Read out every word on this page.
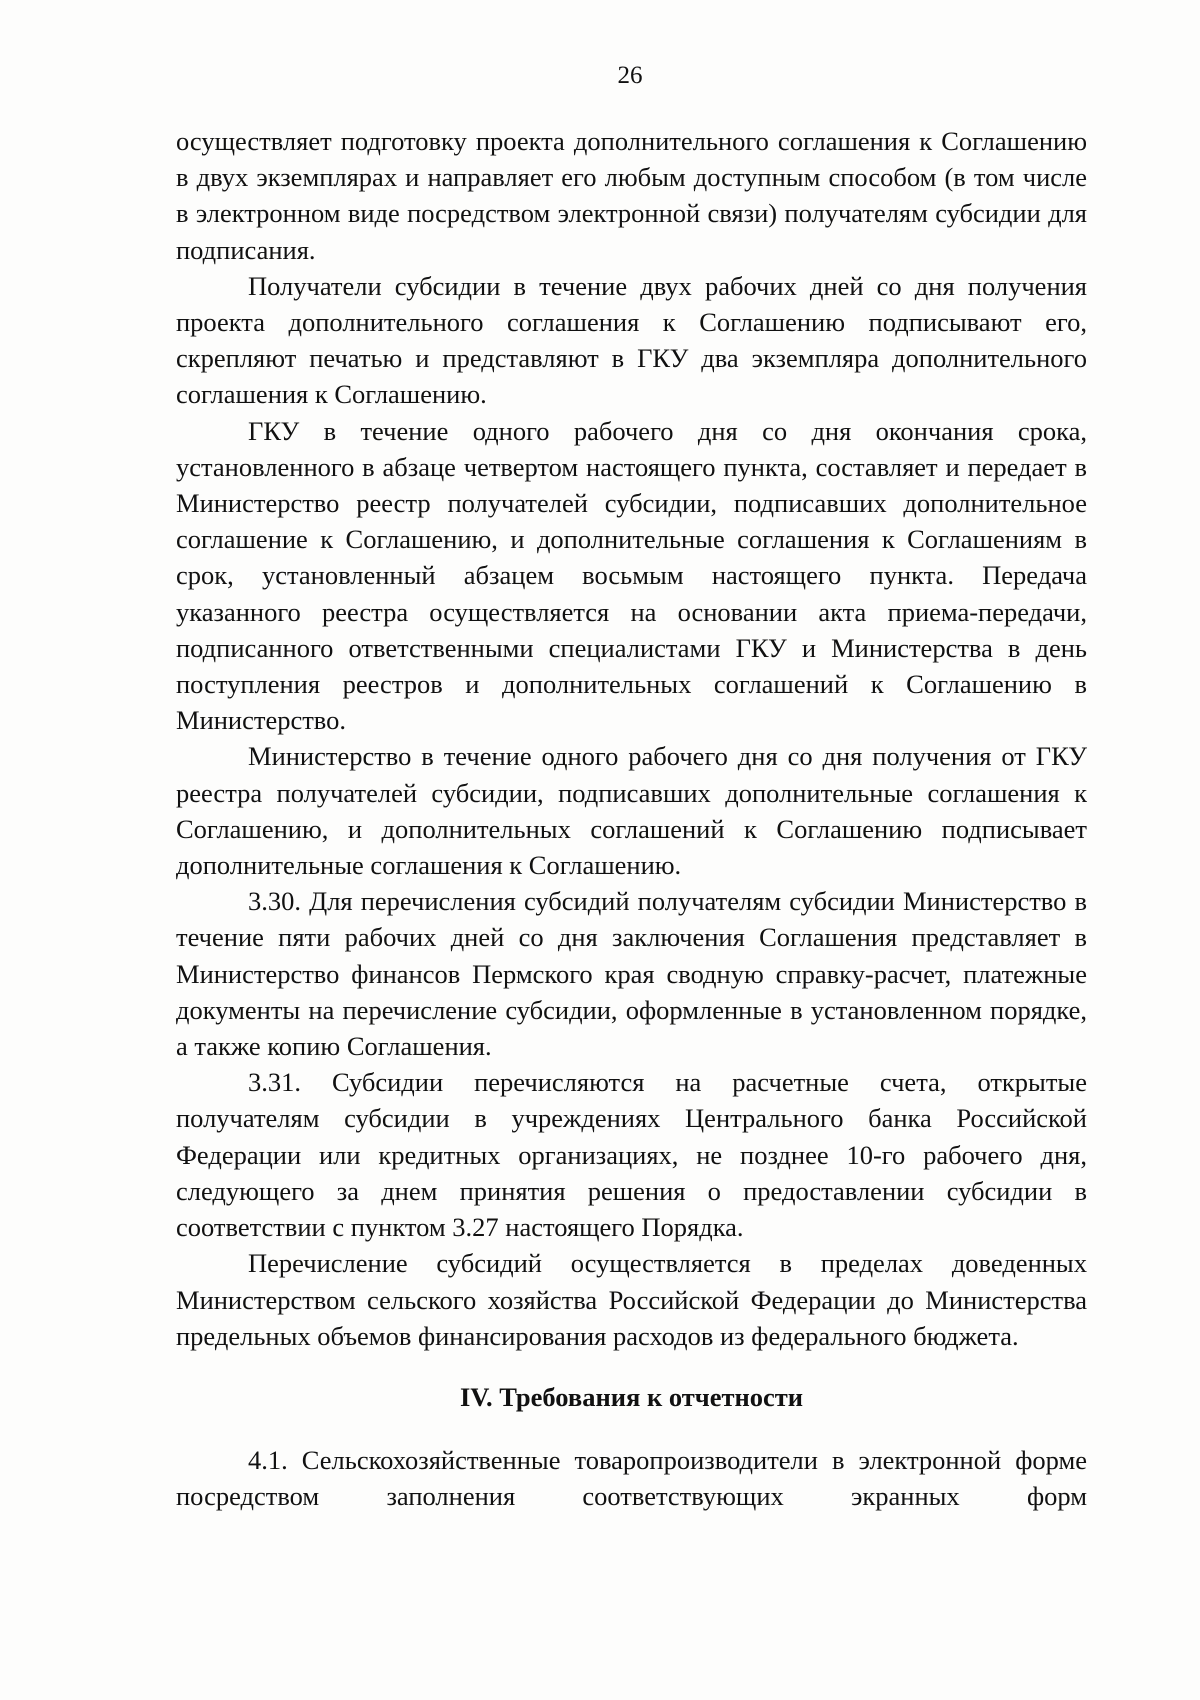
26

осуществляет подготовку проекта дополнительного соглашения к Соглашению в двух экземплярах и направляет его любым доступным способом (в том числе в электронном виде посредством электронной связи) получателям субсидии для подписания.

Получатели субсидии в течение двух рабочих дней со дня получения проекта дополнительного соглашения к Соглашению подписывают его, скрепляют печатью и представляют в ГКУ два экземпляра дополнительного соглашения к Соглашению.

ГКУ в течение одного рабочего дня со дня окончания срока, установленного в абзаце четвертом настоящего пункта, составляет и передает в Министерство реестр получателей субсидии, подписавших дополнительное соглашение к Соглашению, и дополнительные соглашения к Соглашениям в срок, установленный абзацем восьмым настоящего пункта. Передача указанного реестра осуществляется на основании акта приема-передачи, подписанного ответственными специалистами ГКУ и Министерства в день поступления реестров и дополнительных соглашений к Соглашению в Министерство.

Министерство в течение одного рабочего дня со дня получения от ГКУ реестра получателей субсидии, подписавших дополнительные соглашения к Соглашению, и дополнительных соглашений к Соглашению подписывает дополнительные соглашения к Соглашению.

3.30. Для перечисления субсидий получателям субсидии Министерство в течение пяти рабочих дней со дня заключения Соглашения представляет в Министерство финансов Пермского края сводную справку-расчет, платежные документы на перечисление субсидии, оформленные в установленном порядке, а также копию Соглашения.

3.31. Субсидии перечисляются на расчетные счета, открытые получателям субсидии в учреждениях Центрального банка Российской Федерации или кредитных организациях, не позднее 10-го рабочего дня, следующего за днем принятия решения о предоставлении субсидии в соответствии с пунктом 3.27 настоящего Порядка.

Перечисление субсидий осуществляется в пределах доведенных Министерством сельского хозяйства Российской Федерации до Министерства предельных объемов финансирования расходов из федерального бюджета.

IV. Требования к отчетности

4.1. Сельскохозяйственные товаропроизводители в электронной форме посредством заполнения соответствующих экранных форм
